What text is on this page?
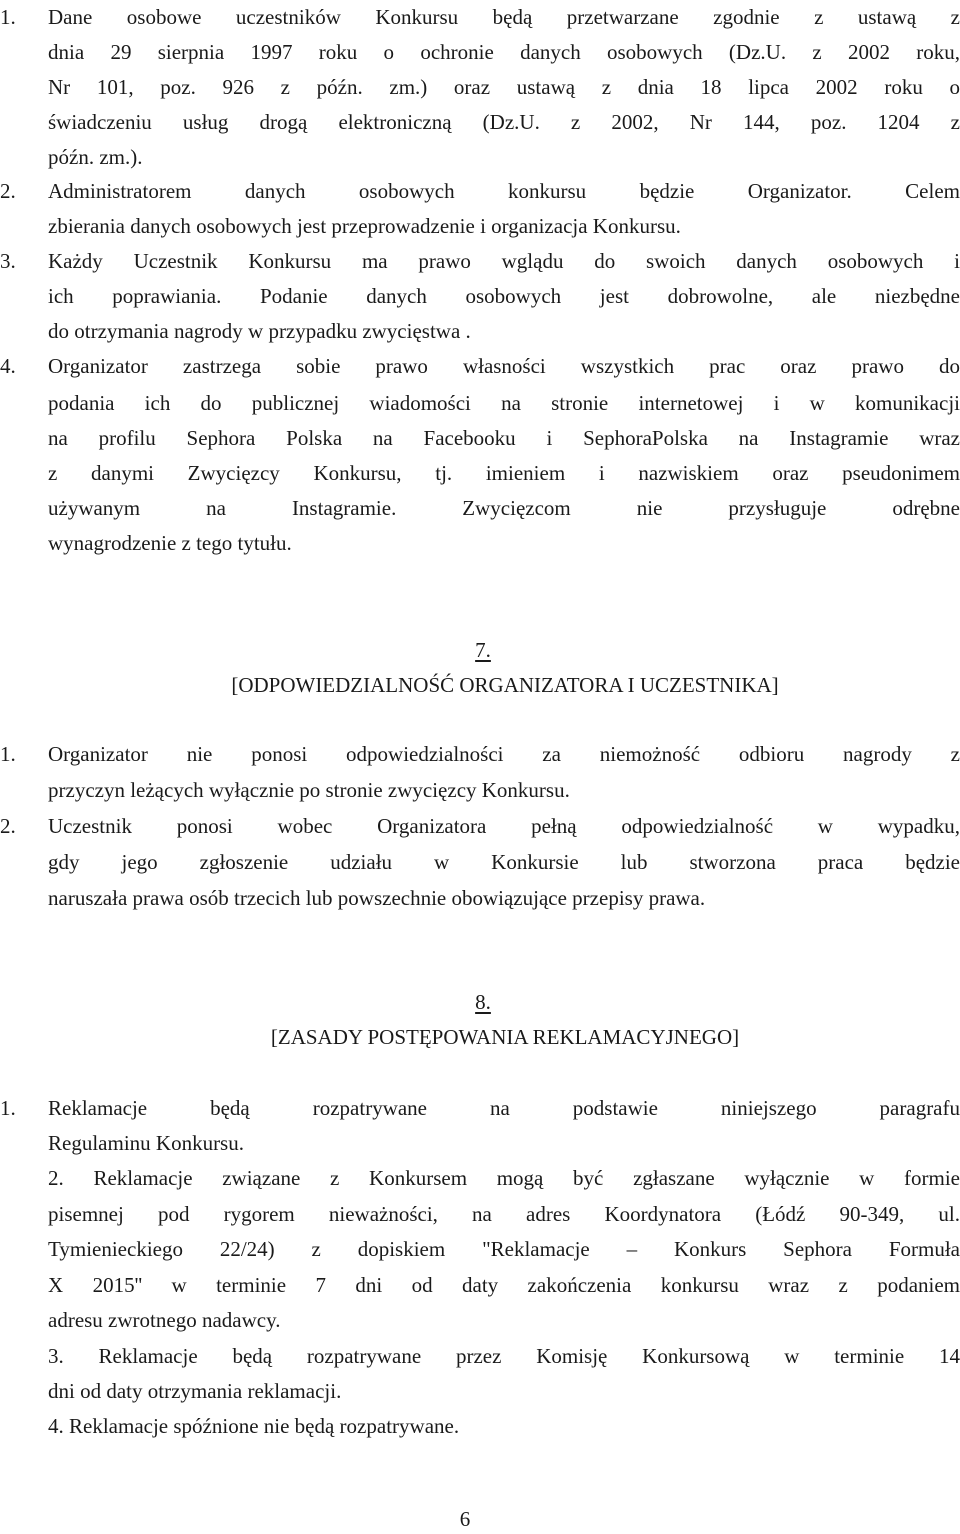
1.	Dane osobowe uczestników Konkursu będą przetwarzane zgodnie z ustawą z
dnia 29 sierpnia 1997 roku o ochronie danych osobowych (Dz.U. z 2002 roku,
Nr 101, poz. 926 z późn. zm.) oraz ustawą z dnia 18 lipca 2002 roku o
świadczeniu usług drogą elektroniczną (Dz.U. z 2002, Nr 144, poz. 1204 z
późn. zm.).
2.	Administratorem danych osobowych konkursu będzie Organizator. Celem
zbierania danych osobowych jest przeprowadzenie i organizacja Konkursu.
3.	Każdy Uczestnik Konkursu ma prawo wglądu do swoich danych osobowych i
ich poprawiania. Podanie danych osobowych jest dobrowolne, ale niezbędne
do otrzymania nagrody w przypadku zwycięstwa .
4.	Organizator zastrzega sobie prawo własności wszystkich prac oraz prawo do
podania ich do publicznej wiadomości na stronie internetowej i w komunikacji
na profilu Sephora Polska na Facebooku i SephoraPolska na Instagramie wraz
z danymi Zwycięzcy Konkursu, tj. imieniem i nazwiskiem oraz pseudonimem
używanym na Instagramie. Zwycięzcom nie przysługuje odrębne
wynagrodzenie z tego tytułu.
7.
[ODPOWIEDZIALNOŚĆ ORGANIZATORA I UCZESTNIKA]
1.	Organizator nie ponosi odpowiedzialności za niemożność odbioru nagrody z
przyczyn leżących wyłącznie po stronie zwycięzcy Konkursu.
2.	Uczestnik ponosi wobec Organizatora pełną odpowiedzialność w wypadku,
gdy jego zgłoszenie udziału w Konkursie lub stworzona praca będzie
naruszała prawa osób trzecich lub powszechnie obowiązujące przepisy prawa.
8.
[ZASADY POSTĘPOWANIA REKLAMACYJNEGO]
1.	Reklamacje będą rozpatrywane na podstawie niniejszego paragrafu
Regulaminu Konkursu.
2. Reklamacje związane z Konkursem mogą być zgłaszane wyłącznie w formie
pisemnej pod rygorem nieważności, na adres Koordynatora (Łódź 90-349, ul.
Tymienieckiego 22/24) z dopiskiem "Reklamacje – Konkurs Sephora Formuła
X 2015'' w terminie 7 dni od daty zakończenia konkursu wraz z podaniem
adresu zwrotnego nadawcy.
3. Reklamacje będą rozpatrywane przez Komisję Konkursową w terminie 14
dni od daty otrzymania reklamacji.
4. Reklamacje spóźnione nie będą rozpatrywane.
6
